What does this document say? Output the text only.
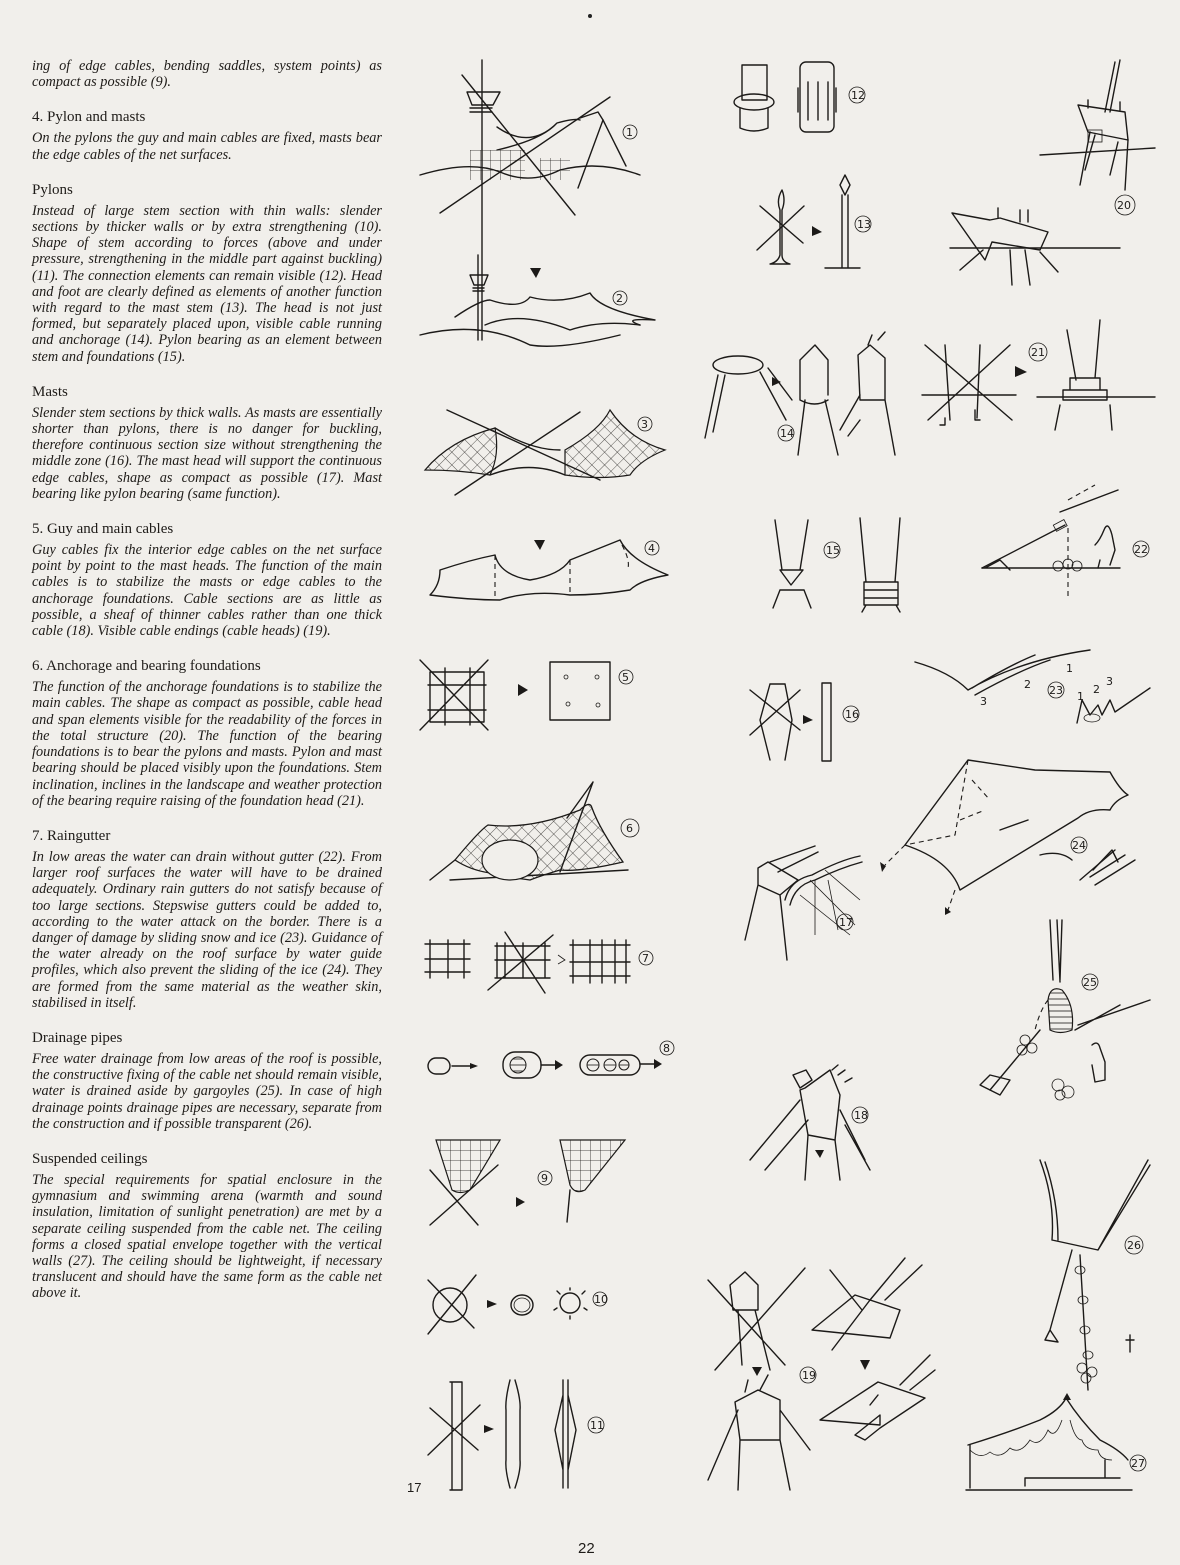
ing of edge cables, bending saddles, system points) as compact as possible (9).

4. Pylon and masts

On the pylons the guy and main cables are fixed, masts bear the edge cables of the net surfaces.

Pylons

Instead of large stem section with thin walls: slender sections by thicker walls or by extra strengthening (10). Shape of stem according to forces (above and under pressure, strengthening in the middle part against buckling) (11). The connection elements can remain visible (12). Head and foot are clearly defined as elements of another function with regard to the mast stem (13). The head is not just formed, but separately placed upon, visible cable running and anchorage (14). Pylon bearing as an element between stem and foundations (15).

Masts

Slender stem sections by thick walls. As masts are essentially shorter than pylons, there is no danger for buckling, therefore continuous section size without strengthening the middle zone (16). The mast head will support the continuous edge cables, shape as compact as possible (17). Mast bearing like pylon bearing (same function).

5. Guy and main cables

Guy cables fix the interior edge cables on the net surface point by point to the mast heads. The function of the main cables is to stabilize the masts or edge cables to the anchorage foundations. Cable sections are as little as possible, a sheaf of thinner cables rather than one thick cable (18). Visible cable endings (cable heads) (19).

6. Anchorage and bearing foundations

The function of the anchorage foundations is to stabilize the main cables. The shape as compact as possible, cable head and span elements visible for the readability of the forces in the total structure (20). The function of the bearing foundations is to bear the pylons and masts. Pylon and mast bearing should be placed visibly upon the foundations. Stem inclination, inclines in the landscape and weather protection of the bearing require raising of the foundation head (21).

7. Raingutter

In low areas the water can drain without gutter (22). From larger roof surfaces the water will have to be drained adequately. Ordinary rain gutters do not satisfy because of too large sections. Stepswise gutters could be added to, according to the water attack on the border. There is a danger of damage by sliding snow and ice (23). Guidance of the water already on the roof surface by water guide profiles, which also prevent the sliding of the ice (24). They are formed from the same material as the weather skin, stabilised in itself.

Drainage pipes

Free water drainage from low areas of the roof is possible, the constructive fixing of the cable net should remain visible, water is drained aside by gargoyles (25). In case of high drainage points drainage pipes are necessary, separate from the construction and if possible transparent (26).

Suspended ceilings

The special requirements for spatial enclosure in the gymnasium and swimming arena (warmth and sound insulation, limitation of sunlight penetration) are met by a separate ceiling suspended from the cable net. The ceiling forms a closed spatial envelope together with the vertical walls (27). The ceiling should be lightweight, if necessary translucent and should have the same form as the cable net above it.

1
2
3
4
5
6
7
8
9
10
11
12
13
14
15
16
17
18
19
20
21
22
3
2
1
1
2
3
23
24
25
26
27
17
22
